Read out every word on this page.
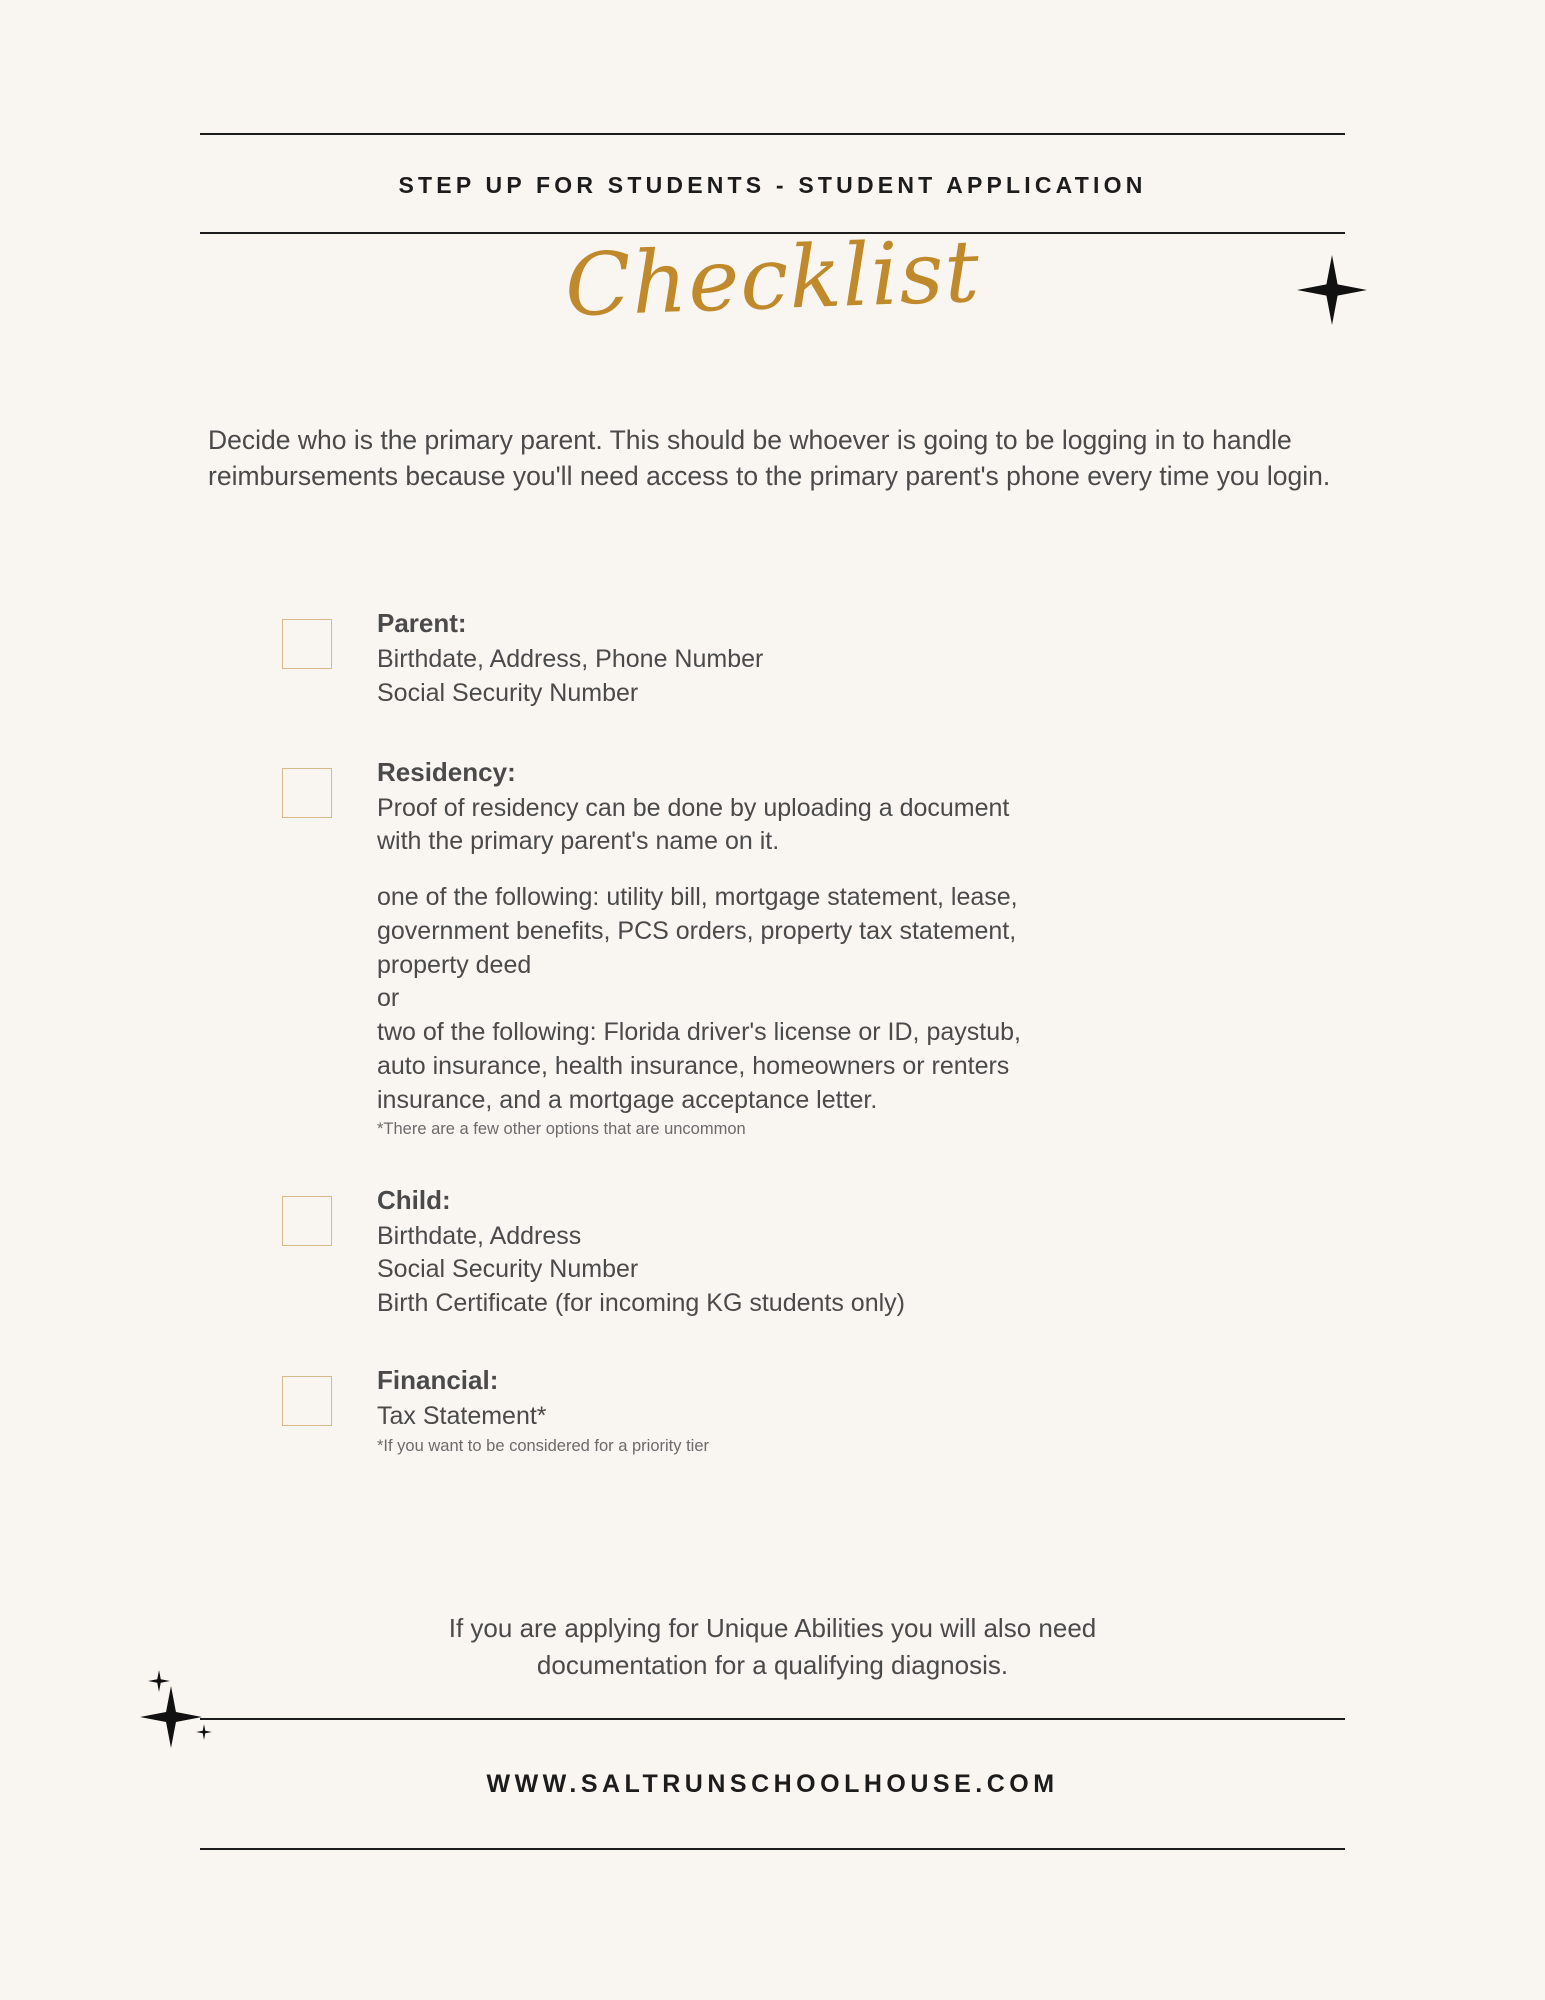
STEP UP FOR STUDENTS - STUDENT APPLICATION
Checklist
Decide who is the primary parent. This should be whoever is going to be logging in to handle reimbursements because you'll need access to the primary parent's phone every time you login.
Parent:
Birthdate, Address, Phone Number
Social Security Number
Residency:
Proof of residency can be done by uploading a document
with the primary parent's name on it.
one of the following: utility bill, mortgage statement, lease,
government benefits, PCS orders, property tax statement,
property deed
or
two of the following: Florida driver's license or ID, paystub,
auto insurance, health insurance, homeowners or renters
insurance, and a mortgage acceptance letter.
*There are a few other options that are uncommon
Child:
Birthdate, Address
Social Security Number
Birth Certificate (for incoming KG students only)
Financial:
Tax Statement*
*If you want to be considered for a priority tier
If you are applying for Unique Abilities you will also need
documentation for a qualifying diagnosis.
WWW.SALTRUNSCHOOLHOUSE.COM
